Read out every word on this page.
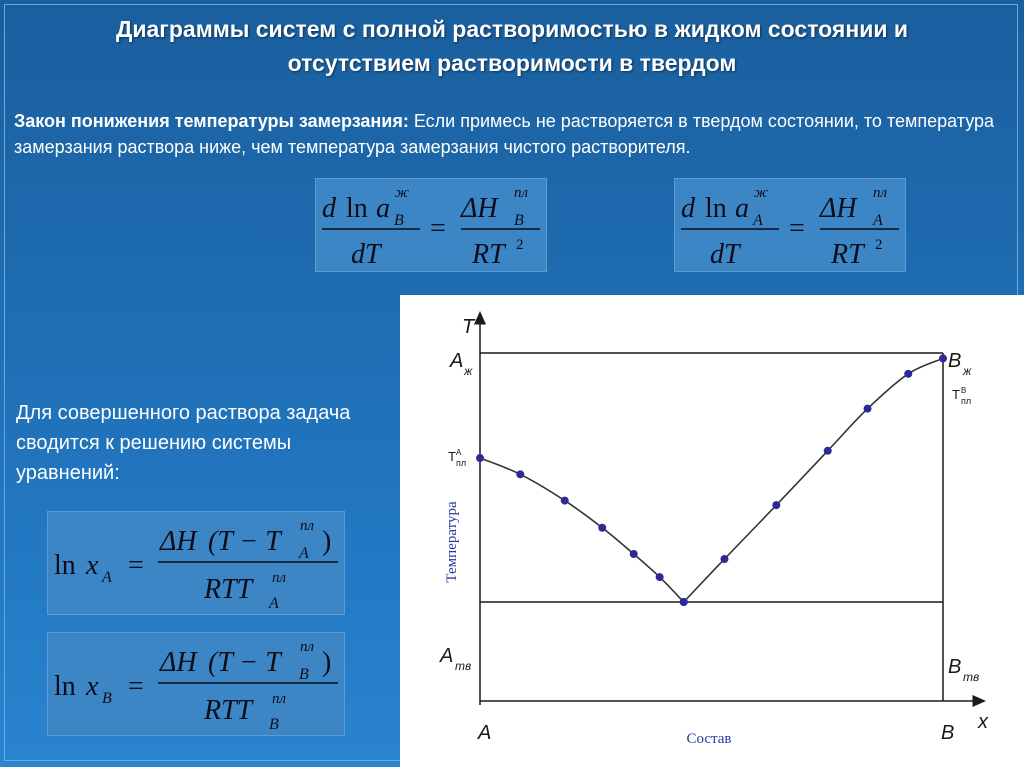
Диаграммы систем с полной растворимостью в жидком состоянии и
отсутствием растворимости в твердом
Закон понижения температуры замерзания: Если примесь не растворяется в твердом состоянии, то температура замерзания раствора ниже, чем температура замерзания чистого растворителя.
d ln a ж
B
dT
=
ΔH пл
B
RT 2
d ln a ж
A
dT
=
ΔH пл
A
RT 2
Для совершенного раствора задача сводится к решению системы уравнений:
ln x A =
ΔH (T − T пл
A )
RTT пл
A
ln x B =
ΔH (T − T пл
B )
RTT пл
B
T
x
A ж	B ж
A тв	B тв
A	B
T A
пл
T B
пл
Температура
Состав
